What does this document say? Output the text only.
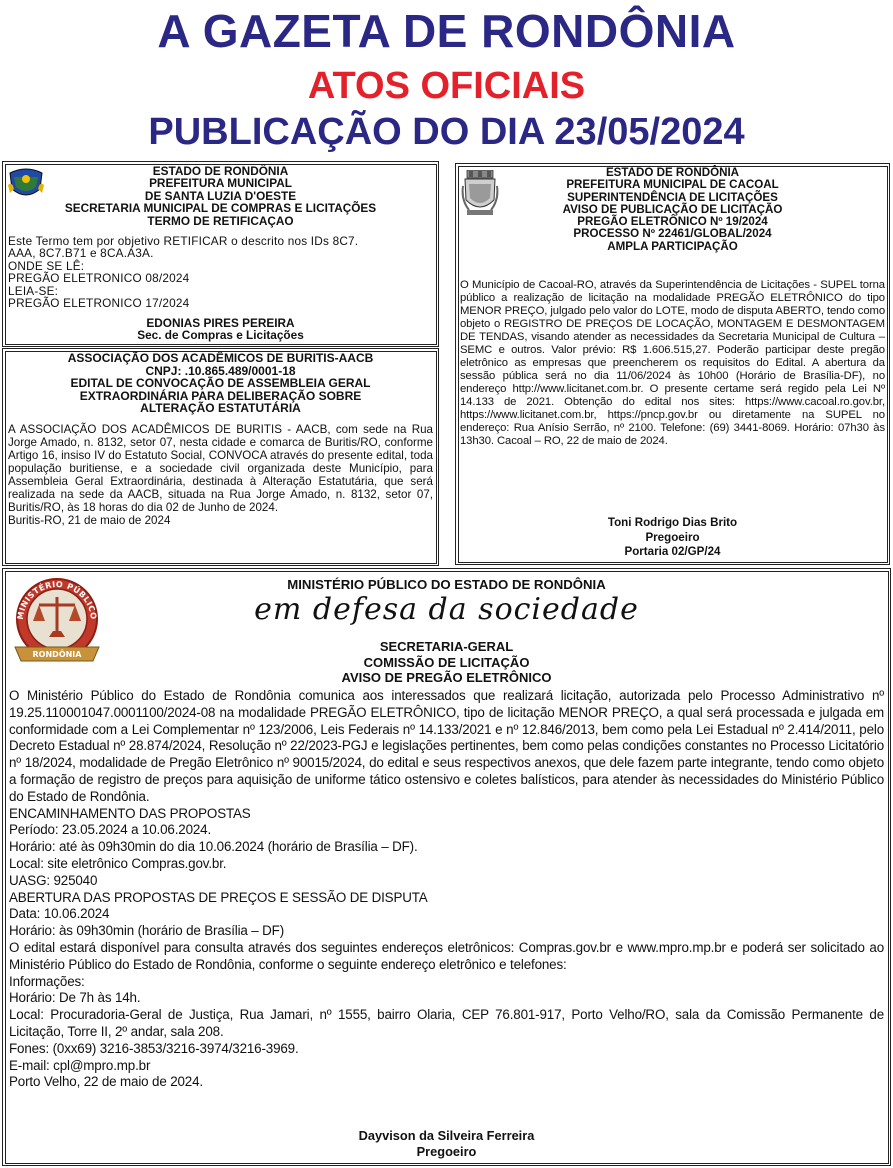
A GAZETA DE RONDÔNIA
ATOS OFICIAIS
PUBLICAÇÃO DO DIA 23/05/2024
ESTADO DE RONDÔNIA
PREFEITURA MUNICIPAL
DE SANTA LUZIA D'OESTE
SECRETARIA MUNICIPAL DE COMPRAS E LICITAÇÕES
TERMO DE RETIFICAÇAO
Este Termo tem por objetivo RETIFICAR o descrito nos IDs 8C7.
AAA, 8C7.B71 e 8CA.A3A.
ONDE SE LÊ:
PREGÃO ELETRONICO 08/2024
LEIA-SE:
PREGÃO ELETRONICO 17/2024
EDONIAS PIRES PEREIRA
Sec. de Compras e Licitações
ASSOCIAÇÃO DOS ACADÊMICOS DE BURITIS-AACB
CNPJ: .10.865.489/0001-18
EDITAL DE CONVOCAÇÃO DE ASSEMBLEIA GERAL
EXTRAORDINÁRIA PARA DELIBERAÇÃO SOBRE
ALTERAÇÃO ESTATUTÁRIA
A ASSOCIAÇÃO DOS ACADÊMICOS DE BURITIS - AACB, com sede na Rua Jorge Amado, n. 8132, setor 07, nesta cidade e comarca de Buritis/RO, conforme Artigo 16, insiso IV do Estatuto Social, CONVOCA através do presente edital, toda população buritiense, e a sociedade civil organizada deste Município, para Assembleia Geral Extraordinária, destinada à Alteração Estatutária, que será realizada na sede da AACB, situada na Rua Jorge Amado, n. 8132, setor 07, Buritis/RO, às 18 horas do dia 02 de Junho de 2024.
Buritis-RO, 21 de maio de 2024
ESTADO DE RONDÔNIA
PREFEITURA MUNICIPAL DE CACOAL
SUPERINTENDÊNCIA DE LICITAÇÕES
AVISO DE PUBLICAÇÃO DE LICITAÇÃO
PREGÃO ELETRÔNICO Nº 19/2024
PROCESSO Nº 22461/GLOBAL/2024
AMPLA PARTICIPAÇÃO
O Município de Cacoal-RO, através da Superintendência de Licitações - SUPEL torna público a realização de licitação na modalidade PREGÃO ELETRÔNICO do tipo MENOR PREÇO, julgado pelo valor do LOTE, modo de disputa ABERTO, tendo como objeto o REGISTRO DE PREÇOS DE LOCAÇÃO, MONTAGEM E DESMONTAGEM DE TENDAS, visando atender as necessidades da Secretaria Municipal de Cultura – SEMC e outros. Valor prévio: R$ 1.606.515,27. Poderão participar deste pregão eletrônico as empresas que preencherem os requisitos do Edital. A abertura da sessão pública será no dia 11/06/2024 às 10h00 (Horário de Brasília-DF), no endereço http://www.licitanet.com.br. O presente certame será regido pela Lei Nº 14.133 de 2021. Obtenção do edital nos sites: https://www.cacoal.ro.gov.br, https://www.licitanet.com.br, https://pncp.gov.br ou diretamente na SUPEL no endereço: Rua Anísio Serrão, nº 2100. Telefone: (69) 3441-8069. Horário: 07h30 às 13h30. Cacoal – RO, 22 de maio de 2024.
Toni Rodrigo Dias Brito
Pregoeiro
Portaria 02/GP/24
MINISTÉRIO PÚBLICO
RONDÔNIA
MINISTÉRIO PÚBLICO DO ESTADO DE RONDÔNIA
em defesa da sociedade
SECRETARIA-GERAL
COMISSÃO DE LICITAÇÃO
AVISO DE PREGÃO ELETRÔNICO
O Ministério Público do Estado de Rondônia comunica aos interessados que realizará licitação, autorizada pelo Processo Administrativo nº 19.25.110001047.0001100/2024-08 na modalidade PREGÃO ELETRÔNICO, tipo de licitação MENOR PREÇO, a qual será processada e julgada em conformidade com a Lei Complementar nº 123/2006, Leis Federais nº 14.133/2021 e nº 12.846/2013, bem como pela Lei Estadual nº 2.414/2011, pelo Decreto Estadual nº 28.874/2024, Resolução nº 22/2023-PGJ e legislações pertinentes, bem como pelas condições constantes no Processo Licitatório nº 18/2024, modalidade de Pregão Eletrônico nº 90015/2024, do edital e seus respectivos anexos, que dele fazem parte integrante, tendo como objeto a formação de registro de preços para aquisição de uniforme tático ostensivo e coletes balísticos, para atender às necessidades do Ministério Público do Estado de Rondônia.
ENCAMINHAMENTO DAS PROPOSTAS
Período: 23.05.2024 a 10.06.2024.
Horário: até às 09h30min do dia 10.06.2024 (horário de Brasília – DF).
Local: site eletrônico Compras.gov.br.
UASG: 925040
ABERTURA DAS PROPOSTAS DE PREÇOS E SESSÃO DE DISPUTA
Data: 10.06.2024
Horário: às 09h30min (horário de Brasília – DF)
O edital estará disponível para consulta através dos seguintes endereços eletrônicos: Compras.gov.br e www.mpro.mp.br e poderá ser solicitado ao Ministério Público do Estado de Rondônia, conforme o seguinte endereço eletrônico e telefones:
Informações:
Horário: De 7h às 14h.
Local: Procuradoria-Geral de Justiça, Rua Jamari, nº 1555, bairro Olaria, CEP 76.801-917, Porto Velho/RO, sala da Comissão Permanente de Licitação, Torre II, 2º andar, sala 208.
Fones: (0xx69) 3216-3853/3216-3974/3216-3969.
E-mail: cpl@mpro.mp.br
Porto Velho, 22 de maio de 2024.
Dayvison da Silveira Ferreira
Pregoeiro
